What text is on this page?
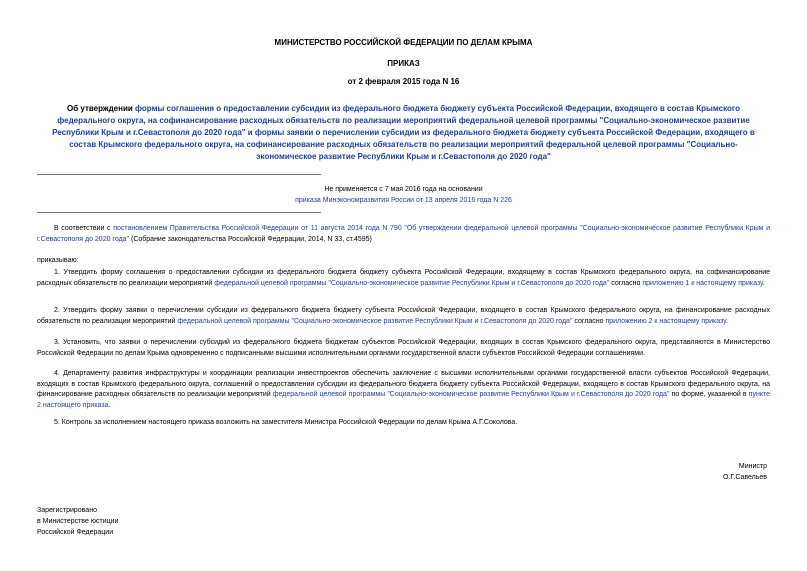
МИНИСТЕРСТВО РОССИЙСКОЙ ФЕДЕРАЦИИ ПО ДЕЛАМ КРЫМА
ПРИКАЗ
от 2 февраля 2015 года N 16
Об утверждении формы соглашения о предоставлении субсидии из федерального бюджета бюджету субъекта Российской Федерации, входящего в состав Крымского федерального округа, на софинансирование расходных обязательств по реализации мероприятий федеральной целевой программы "Социально-экономическое развитие Республики Крым и г.Севастополя до 2020 года" и формы заявки о перечислении субсидии из федерального бюджета бюджету субъекта Российской Федерации, входящего в состав Крымского федерального округа, на софинансирование расходных обязательств по реализации мероприятий федеральной целевой программы "Социально-экономическое развитие Республики Крым и г.Севастополя до 2020 года"
Не применяется с 7 мая 2016 года на основании
приказа Минэкономразвития России от 13 апреля 2016 года N 226
В соответствии с постановлением Правительства Российской Федерации от 11 августа 2014 года N 790 "Об утверждении федеральной целевой программы "Социально-экономическое развитие Республики Крым и г.Севастополя до 2020 года" (Собрание законодательства Российской Федерации, 2014, N 33, ст.4595)
приказываю:
1. Утвердить форму соглашения о предоставлении субсидии из федерального бюджета бюджету субъекта Российской Федерации, входящему в состав Крымского федерального округа, на софинансирование расходных обязательств по реализации мероприятий федеральной целевой программы "Социально-экономическое развитие Республики Крым и г.Севастополя до 2020 года" согласно приложению 1 к настоящему приказу.
2. Утвердить форму заявки о перечислении субсидии из федерального бюджета бюджету субъекта Российской Федерации, входящего в состав Крымского федерального округа, на финансирование расходных обязательств по реализации мероприятий федеральной целевой программы "Социально-экономическое развитие Республики Крым и г.Севастополя до 2020 года" согласно приложению 2 к настоящему приказу.
3. Установить, что заявки о перечислении субсидий из федерального бюджета бюджетам субъектов Российской Федерации, входящих в состав Крымского федерального округа, представляются в Министерство Российской Федерации по делам Крыма одновременно с подписанными высшими исполнительными органами государственной власти субъектов Российской Федерации соглашениями.
4. Департаменту развития инфраструктуры и координации реализации инвестпроектов обеспечить заключение с высшими исполнительными органами государственной власти субъектов Российской Федерации, входящих в состав Крымского федерального округа, соглашений о предоставлении субсидии из федерального бюджета бюджету субъекта Российской Федерации, входящего в состав Крымского федерального округа, на финансирование расходных обязательств по реализации мероприятий федеральной целевой программы "Социально-экономическое развитие Республики Крым и г.Севастополя до 2020 года" по форме, указанной в пункте 2 настоящего приказа.
5. Контроль за исполнением настоящего приказа возложить на заместителя Министра Российской Федерации по делам Крыма А.Г.Соколова.
Министр
О.Г.Савельев
Зарегистрировано
в Министерстве юстиции
Российской Федерации
